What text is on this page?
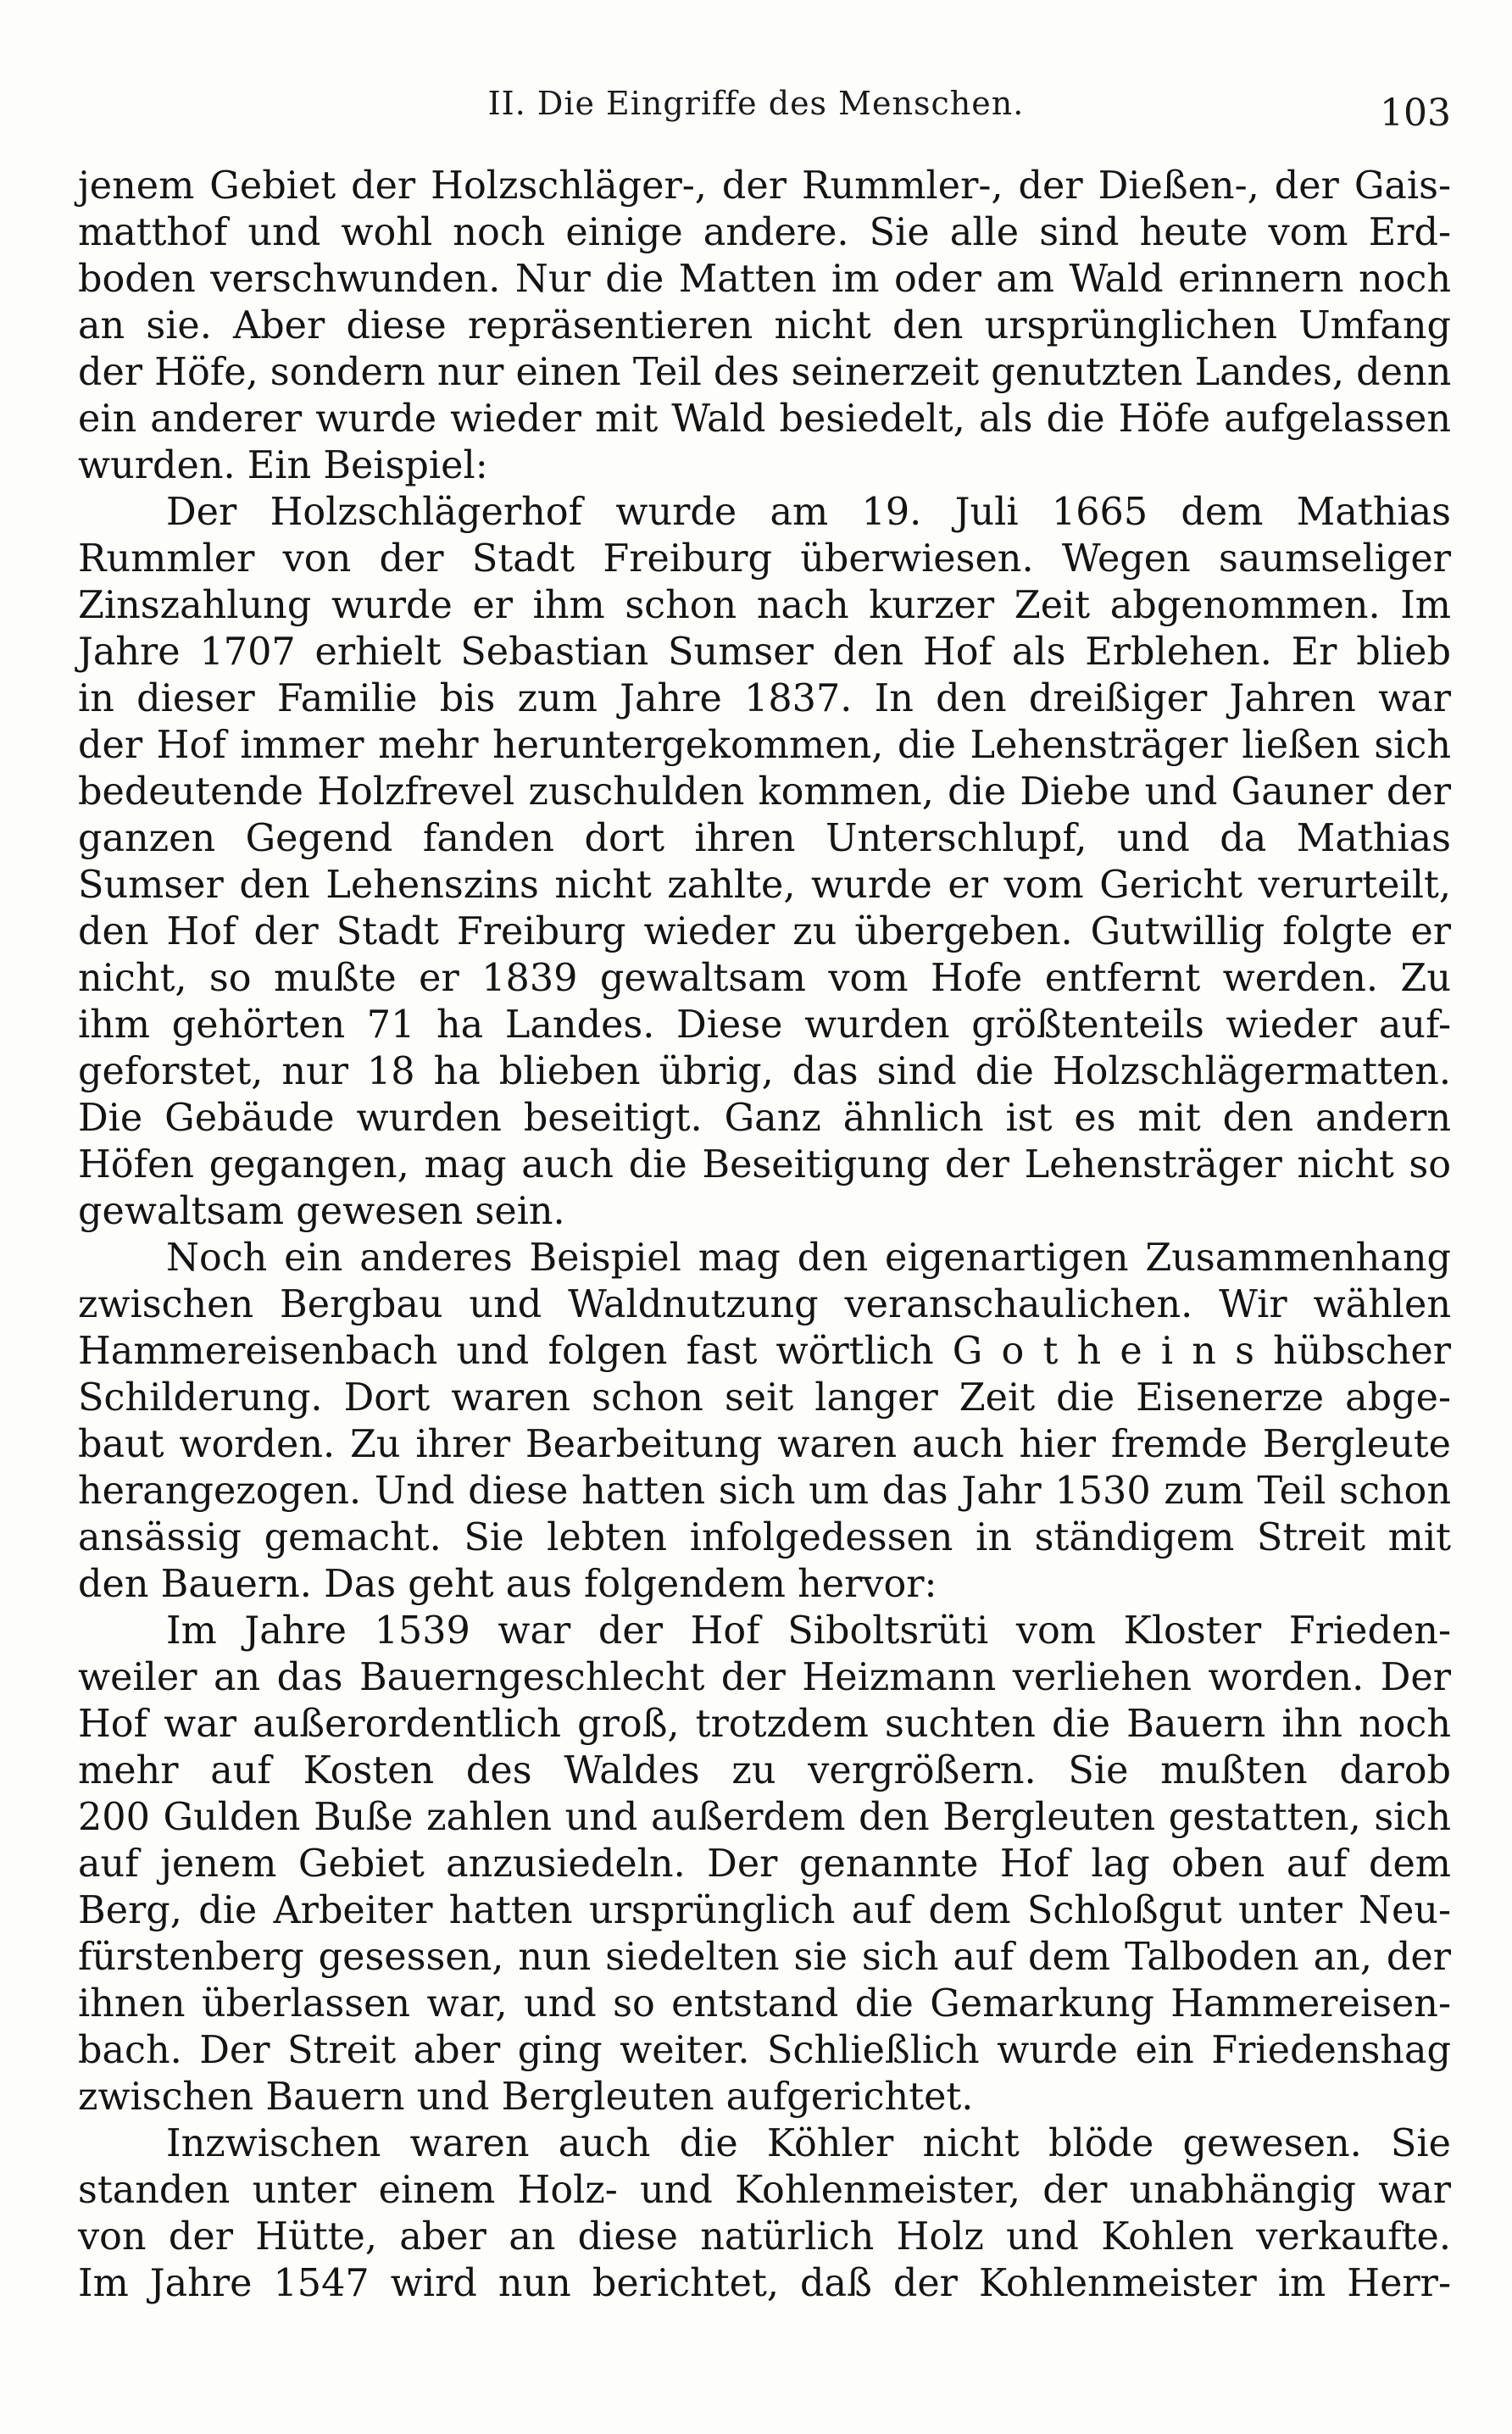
II. Die Eingriffe des Menschen.	103
jenem Gebiet der Holzschläger-, der Rummler-, der Dießen-, der Gais-
matthof und wohl noch einige andere. Sie alle sind heute vom Erd-
boden verschwunden. Nur die Matten im oder am Wald erinnern noch
an sie. Aber diese repräsentieren nicht den ursprünglichen Umfang
der Höfe, sondern nur einen Teil des seinerzeit genutzten Landes, denn
ein anderer wurde wieder mit Wald besiedelt, als die Höfe aufgelassen
wurden. Ein Beispiel:
Der Holzschlägerhof wurde am 19. Juli 1665 dem Mathias
Rummler von der Stadt Freiburg überwiesen. Wegen saumseliger
Zinszahlung wurde er ihm schon nach kurzer Zeit abgenommen. Im
Jahre 1707 erhielt Sebastian Sumser den Hof als Erblehen. Er blieb
in dieser Familie bis zum Jahre 1837. In den dreißiger Jahren war
der Hof immer mehr heruntergekommen, die Lehensträger ließen sich
bedeutende Holzfrevel zuschulden kommen, die Diebe und Gauner der
ganzen Gegend fanden dort ihren Unterschlupf, und da Mathias
Sumser den Lehenszins nicht zahlte, wurde er vom Gericht verurteilt,
den Hof der Stadt Freiburg wieder zu übergeben. Gutwillig folgte er
nicht, so mußte er 1839 gewaltsam vom Hofe entfernt werden. Zu
ihm gehörten 71 ha Landes. Diese wurden größtenteils wieder auf-
geforstet, nur 18 ha blieben übrig, das sind die Holzschlägermatten.
Die Gebäude wurden beseitigt. Ganz ähnlich ist es mit den andern
Höfen gegangen, mag auch die Beseitigung der Lehensträger nicht so
gewaltsam gewesen sein.
Noch ein anderes Beispiel mag den eigenartigen Zusammenhang
zwischen Bergbau und Waldnutzung veranschaulichen. Wir wählen
Hammereisenbach und folgen fast wörtlich G o t h e i n s hübscher
Schilderung. Dort waren schon seit langer Zeit die Eisenerze abge-
baut worden. Zu ihrer Bearbeitung waren auch hier fremde Bergleute
herangezogen. Und diese hatten sich um das Jahr 1530 zum Teil schon
ansässig gemacht. Sie lebten infolgedessen in ständigem Streit mit
den Bauern. Das geht aus folgendem hervor:
Im Jahre 1539 war der Hof Siboltsrüti vom Kloster Frieden-
weiler an das Bauerngeschlecht der Heizmann verliehen worden. Der
Hof war außerordentlich groß, trotzdem suchten die Bauern ihn noch
mehr auf Kosten des Waldes zu vergrößern. Sie mußten darob
200 Gulden Buße zahlen und außerdem den Bergleuten gestatten, sich
auf jenem Gebiet anzusiedeln. Der genannte Hof lag oben auf dem
Berg, die Arbeiter hatten ursprünglich auf dem Schloßgut unter Neu-
fürstenberg gesessen, nun siedelten sie sich auf dem Talboden an, der
ihnen überlassen war, und so entstand die Gemarkung Hammereisen-
bach. Der Streit aber ging weiter. Schließlich wurde ein Friedenshag
zwischen Bauern und Bergleuten aufgerichtet.
Inzwischen waren auch die Köhler nicht blöde gewesen. Sie
standen unter einem Holz- und Kohlenmeister, der unabhängig war
von der Hütte, aber an diese natürlich Holz und Kohlen verkaufte.
Im Jahre 1547 wird nun berichtet, daß der Kohlenmeister im Herr-
